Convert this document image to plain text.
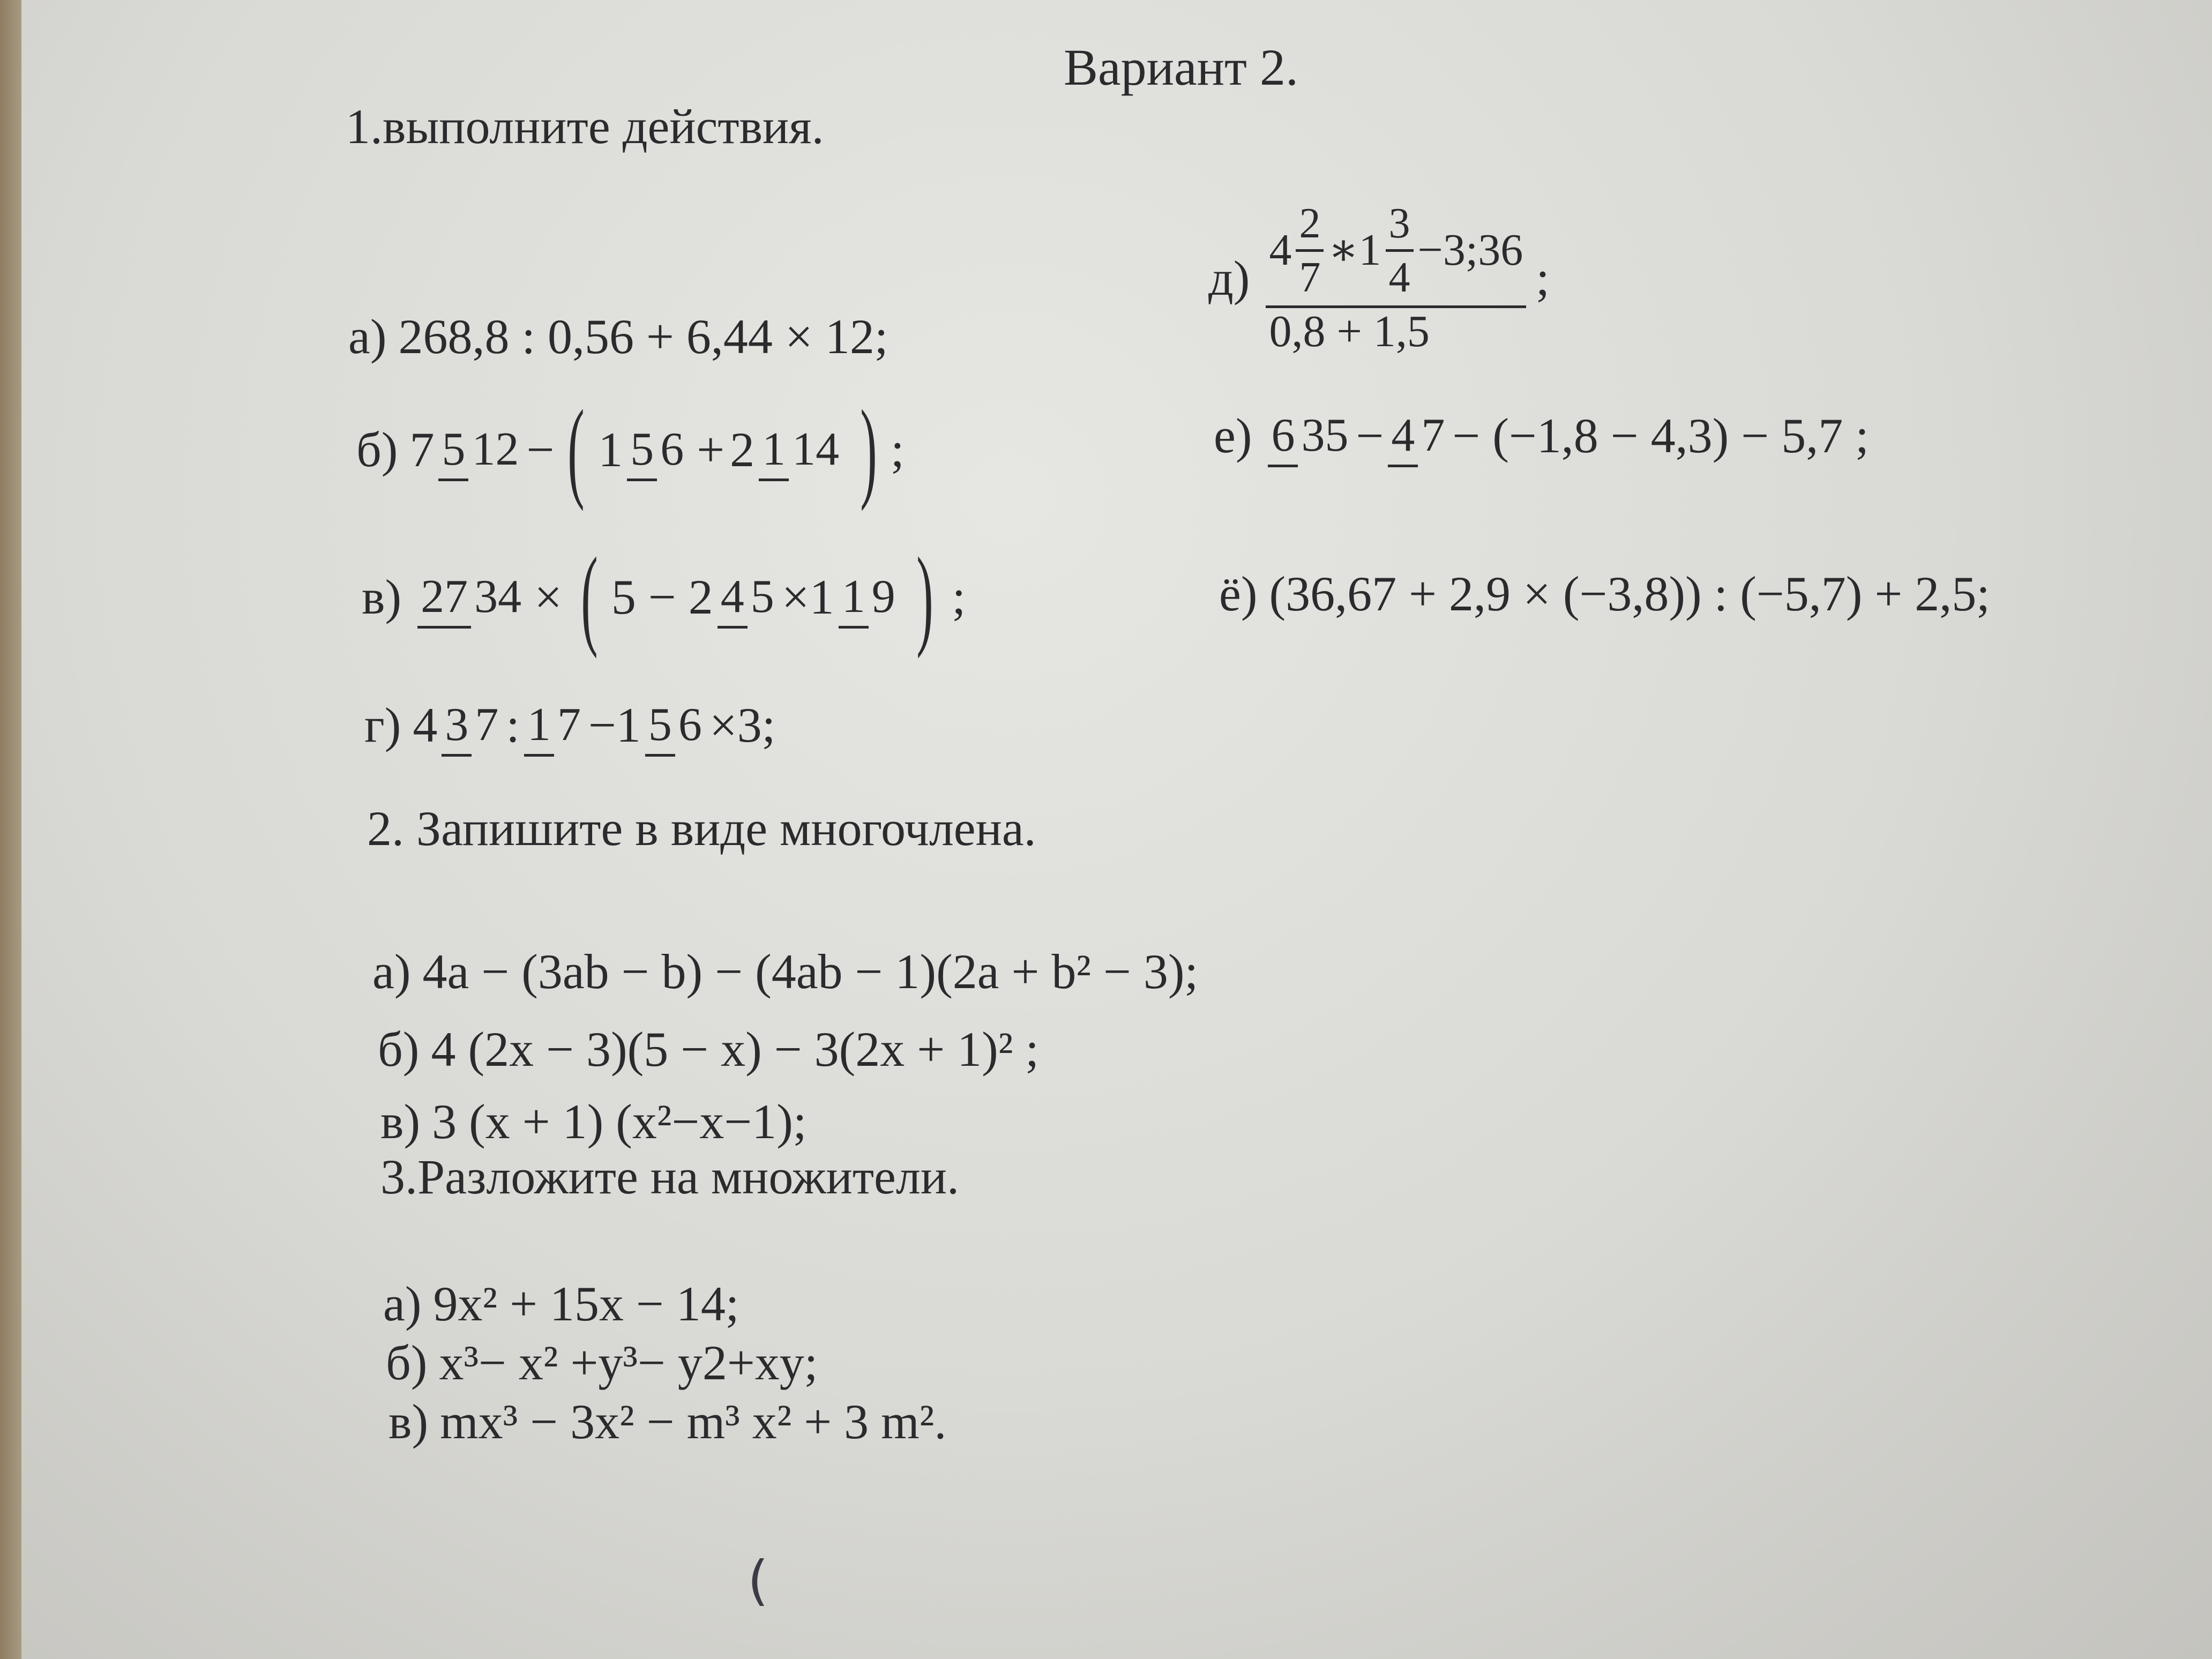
Вариант 2.
1.выполните действия.
а) 268,8 : 0,56 + 6,44 × 12;
б) 7 5 12 − ( 1 5 6 + 2 1 14 ) ;
в) 27 34 × ( 5 − 2 4 5 ×1 1 9 ) ;
г) 4 3 7 : 1 7 −1 5 6 ×3;
$д) \frac{4 \frac{2}{7} ∗1 \frac{3}{4} -3;36}{0,8 + 1,5}$ ;
е) 6 35 − 4 7 − (−1,8 − 4,3) − 5,7 ;
ё) (36,67 + 2,9 × (−3,8)) : (−5,7) + 2,5;
2. Запишите в виде многочлена.
а) 4a − (3ab − b) − (4ab − 1)(2a + b² − 3);
б) 4 (2x − 3)(5 − x) − 3(2x + 1)² ;
в) 3 (x + 1) (x²−x−1);
3.Разложите на множители.
а) 9x² + 15x − 14;
б) x³− x² +y³− y2+xy;
в) mx³ − 3x² − m³ x² + 3 m².
(
